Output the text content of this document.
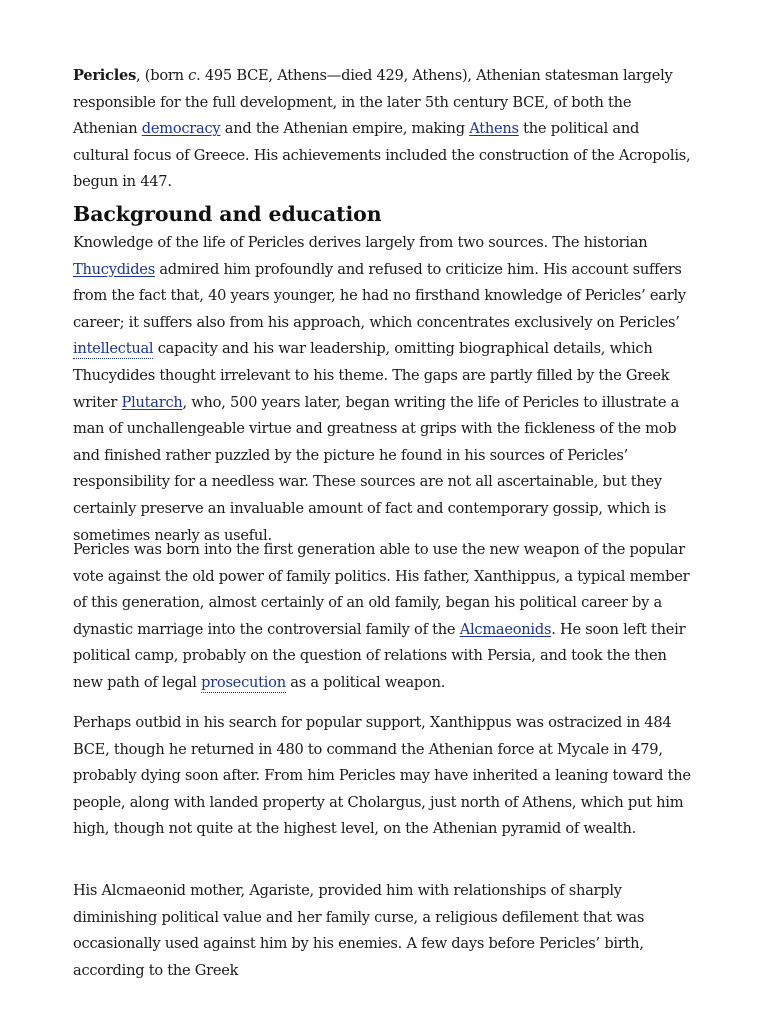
Pericles, (born c. 495 BCE, Athens—died 429, Athens), Athenian statesman largely responsible for the full development, in the later 5th century BCE, of both the Athenian democracy and the Athenian empire, making Athens the political and cultural focus of Greece. His achievements included the construction of the Acropolis, begun in 447.

Background and education

Knowledge of the life of Pericles derives largely from two sources. The historian Thucydides admired him profoundly and refused to criticize him. His account suffers from the fact that, 40 years younger, he had no firsthand knowledge of Pericles’ early career; it suffers also from his approach, which concentrates exclusively on Pericles’ intellectual capacity and his war leadership, omitting biographical details, which Thucydides thought irrelevant to his theme. The gaps are partly filled by the Greek writer Plutarch, who, 500 years later, began writing the life of Pericles to illustrate a man of unchallengeable virtue and greatness at grips with the fickleness of the mob and finished rather puzzled by the picture he found in his sources of Pericles’ responsibility for a needless war. These sources are not all ascertainable, but they certainly preserve an invaluable amount of fact and contemporary gossip, which is sometimes nearly as useful.

Pericles was born into the first generation able to use the new weapon of the popular vote against the old power of family politics. His father, Xanthippus, a typical member of this generation, almost certainly of an old family, began his political career by a dynastic marriage into the controversial family of the Alcmaeonids. He soon left their political camp, probably on the question of relations with Persia, and took the then new path of legal prosecution as a political weapon.

Perhaps outbid in his search for popular support, Xanthippus was ostracized in 484 BCE, though he returned in 480 to command the Athenian force at Mycale in 479, probably dying soon after. From him Pericles may have inherited a leaning toward the people, along with landed property at Cholargus, just north of Athens, which put him high, though not quite at the highest level, on the Athenian pyramid of wealth.

His Alcmaeonid mother, Agariste, provided him with relationships of sharply diminishing political value and her family curse, a religious defilement that was occasionally used against him by his enemies. A few days before Pericles’ birth, according to the Greek
